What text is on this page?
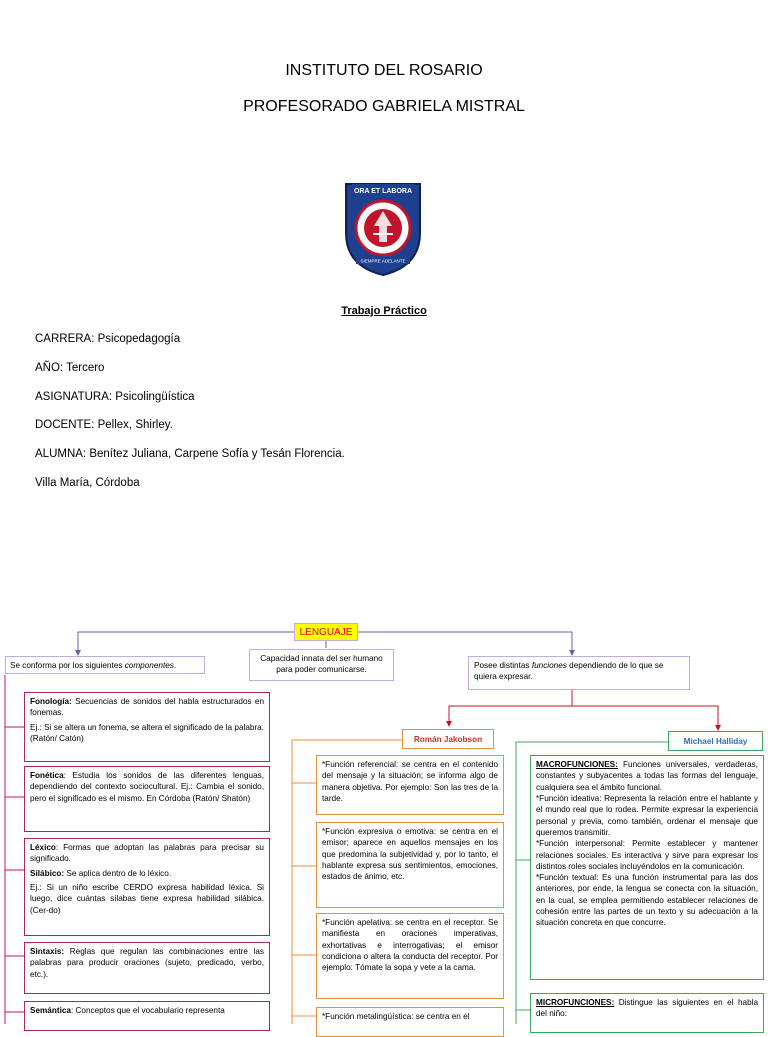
INSTITUTO DEL ROSARIO
PROFESORADO GABRIELA MISTRAL
ORA ET LABORA
SIEMPRE ADELANTE
Trabajo Práctico
CARRERA: Psicopedagogía
AÑO: Tercero
ASIGNATURA: Psicolingüística
DOCENTE: Pellex, Shirley.
ALUMNA: Benítez Juliana, Carpene Sofía y Tesán Florencia.
Villa María, Córdoba
LENGUAJE
Se conforma por los siguientes componentes.
Capacidad innata del ser humano para poder comunicarse.	Posee distintas funciones dependiendo de lo que se quiera expresar.
Román Jakobson	Michael Halliday

Fonología: Secuencias de sonidos del habla estructurados en fonemas.

Ej.: Si se altera un fonema, se altera el significado de la palabra. (Ratón/ Catón)

Fonética: Estudia los sonidos de las diferentes lenguas, dependiendo del contexto sociocultural. Ej.: Cambia el sonido, pero el significado es el mismo. En Córdoba (Ratón/ Shatón)

Léxico: Formas que adoptan las palabras para precisar su significado.

Silábico: Se aplica dentro de lo léxico.

Ej.: Si un niño escribe CERDO expresa habilidad léxica. Si luego, dice cuántas sílabas tiene expresa habilidad silábica. (Cer-do)

Sintaxis: Reglas que regulan las combinaciones entre las palabras para producir oraciones (sujeto, predicado, verbo, etc.).

Semántica: Conceptos que el vocabulario representa

*Función referencial: se centra en el contenido del mensaje y la situación; se informa algo de manera objetiva. Por ejemplo: Son las tres de la tarde.

*Función expresiva o emotiva: se centra en el emisor; aparece en aquellos mensajes en los que predomina la subjetividad y, por lo tanto, el hablante expresa sus sentimientos, emociones, estados de ánimo, etc.

*Función apelativa: se centra en el receptor. Se manifiesta en oraciones imperativas, exhortativas e interrogativas; el emisor condiciona o altera la conducta del receptor. Por ejemplo: Tómate la sopa y vete a la cama.

*Función metalingüística: se centra en el

MACROFUNCIONES: Funciones universales, verdaderas, constantes y subyacentes a todas las formas del lenguaje, cualquiera sea el ámbito funcional.

*Función ideativa: Representa la relación entre el hablante y el mundo real que lo rodea. Permite expresar la experiencia personal y previa, como también, ordenar el mensaje que queremos transmitir.

*Función interpersonal: Permite establecer y mantener relaciones sociales. Es interactiva y sirve para expresar los distintos roles sociales incluyéndolos en la comunicación.

*Función textual: Es una función instrumental para las dos anteriores, por ende, la lengua se conecta con la situación, en la cual, se emplea permitiendo establecer relaciones de cohesión entre las partes de un texto y su adecuación a la situación concreta en que concurre.

MICROFUNCIONES: Distingue las siguientes en el habla del niño:
